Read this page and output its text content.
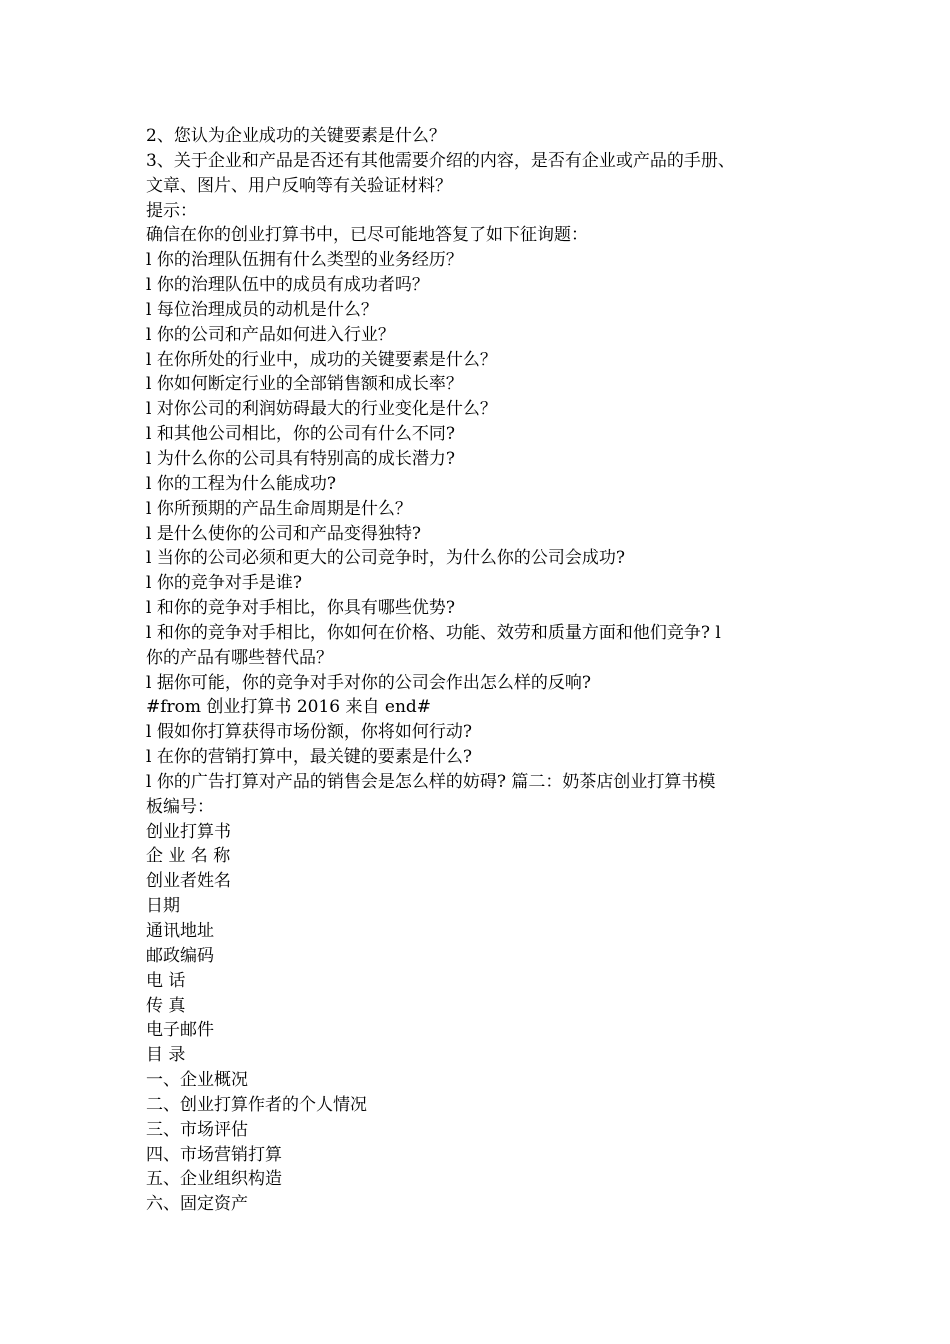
2、您认为企业成功的关键要素是什么？
3、关于企业和产品是否还有其他需要介绍的内容，是否有企业或产品的手册、
文章、图片、用户反响等有关验证材料？
提示：
确信在你的创业打算书中，已尽可能地答复了如下征询题：
l 你的治理队伍拥有什么类型的业务经历？
l 你的治理队伍中的成员有成功者吗？
l 每位治理成员的动机是什么？
l 你的公司和产品如何进入行业？
l 在你所处的行业中，成功的关键要素是什么？
l 你如何断定行业的全部销售额和成长率？
l 对你公司的利润妨碍最大的行业变化是什么？
l 和其他公司相比，你的公司有什么不同?
l 为什么你的公司具有特别高的成长潜力?
l 你的工程为什么能成功?
l 你所预期的产品生命周期是什么？
l 是什么使你的公司和产品变得独特?
l 当你的公司必须和更大的公司竞争时，为什么你的公司会成功?
l 你的竞争对手是谁?
l 和你的竞争对手相比，你具有哪些优势?
l 和你的竞争对手相比，你如何在价格、功能、效劳和质量方面和他们竞争? l
你的产品有哪些替代品？
l 据你可能，你的竞争对手对你的公司会作出怎么样的反响?
#from 创业打算书 2016 来自 end#
l 假如你打算获得市场份额，你将如何行动?
l 在你的营销打算中，最关键的要素是什么?
l 你的广告打算对产品的销售会是怎么样的妨碍? 篇二：奶茶店创业打算书模
板编号：
创业打算书
企 业 名 称
创业者姓名
日期
通讯地址
邮政编码
电 话
传 真
电子邮件
目 录
一、企业概况
二、创业打算作者的个人情况
三、市场评估
四、市场营销打算
五、企业组织构造
六、固定资产
